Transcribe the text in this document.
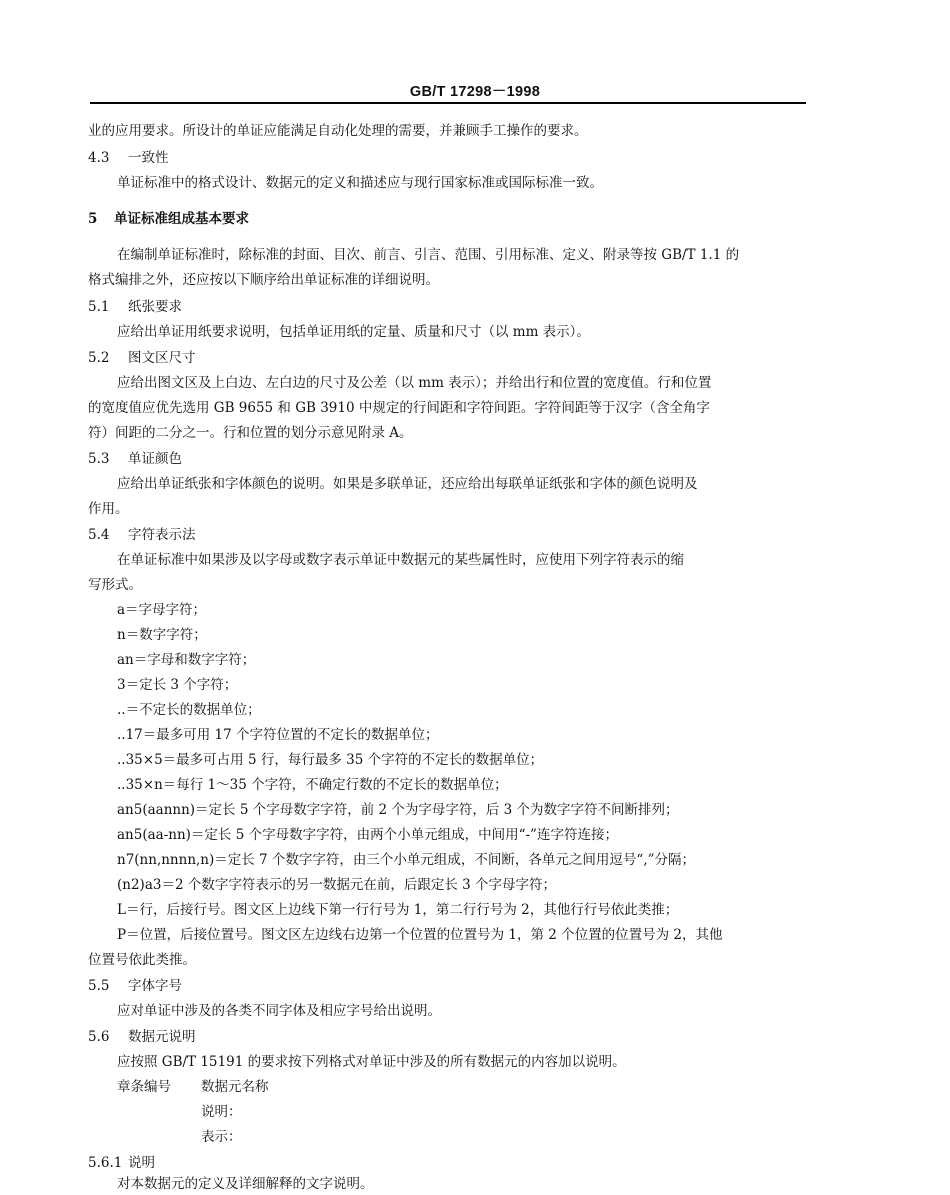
GB/T 17298－1998
业的应用要求。所设计的单证应能满足自动化处理的需要，并兼顾手工操作的要求。
4.3 一致性
单证标准中的格式设计、数据元的定义和描述应与现行国家标准或国际标准一致。
5 单证标准组成基本要求
在编制单证标准时，除标准的封面、目次、前言、引言、范围、引用标准、定义、附录等按 GB/T 1.1 的
格式编排之外，还应按以下顺序给出单证标准的详细说明。
5.1 纸张要求
应给出单证用纸要求说明，包括单证用纸的定量、质量和尺寸（以 mm 表示）。
5.2 图文区尺寸
应给出图文区及上白边、左白边的尺寸及公差（以 mm 表示）；并给出行和位置的宽度值。行和位置
的宽度值应优先选用 GB 9655 和 GB 3910 中规定的行间距和字符间距。字符间距等于汉字（含全角字
符）间距的二分之一。行和位置的划分示意见附录 A。
5.3 单证颜色
应给出单证纸张和字体颜色的说明。如果是多联单证，还应给出每联单证纸张和字体的颜色说明及
作用。
5.4 字符表示法
在单证标准中如果涉及以字母或数字表示单证中数据元的某些属性时，应使用下列字符表示的缩
写形式。
a＝字母字符；
n＝数字字符；
an＝字母和数字字符；
3＝定长 3 个字符；
..＝不定长的数据单位；
..17＝最多可用 17 个字符位置的不定长的数据单位；
..35×5＝最多可占用 5 行，每行最多 35 个字符的不定长的数据单位；
..35×n＝每行 1～35 个字符，不确定行数的不定长的数据单位；
an5(aannn)＝定长 5 个字母数字字符，前 2 个为字母字符，后 3 个为数字字符不间断排列；
an5(aa-nn)＝定长 5 个字母数字字符，由两个小单元组成，中间用“-”连字符连接；
n7(nn,nnnn,n)＝定长 7 个数字字符，由三个小单元组成，不间断，各单元之间用逗号“,”分隔；
(n2)a3＝2 个数字字符表示的另一数据元在前，后跟定长 3 个字母字符；
L＝行，后接行号。图文区上边线下第一行行号为 1，第二行行号为 2，其他行行号依此类推；
P＝位置，后接位置号。图文区左边线右边第一个位置的位置号为 1，第 2 个位置的位置号为 2，其他
位置号依此类推。
5.5 字体字号
应对单证中涉及的各类不同字体及相应字号给出说明。
5.6 数据元说明
应按照 GB/T 15191 的要求按下列格式对单证中涉及的所有数据元的内容加以说明。
章条编号 数据元名称
说明：
表示：
5.6.1 说明
对本数据元的定义及详细解释的文字说明。
